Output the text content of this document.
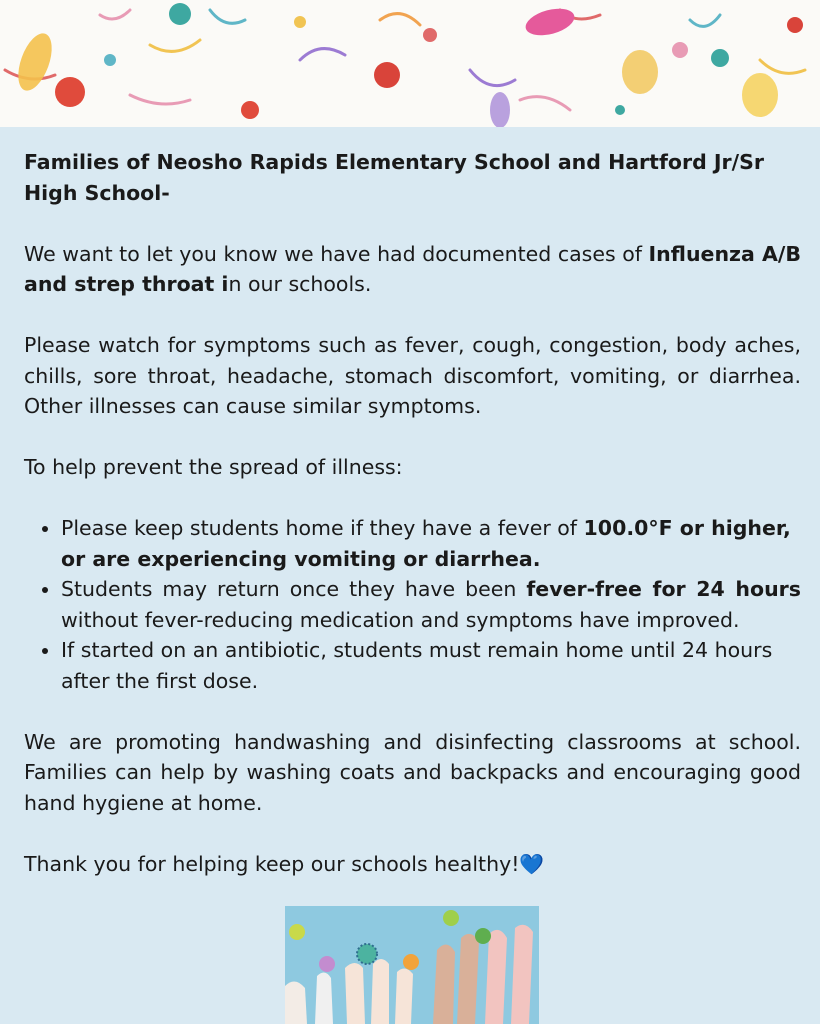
Families of Neosho Rapids Elementary School and Hartford Jr/Sr High School-

We want to let you know we have had documented cases of Influenza A/B and strep throat in our schools.

Please watch for symptoms such as fever, cough, congestion, body aches, chills, sore throat, headache, stomach discomfort, vomiting, or diarrhea. Other illnesses can cause similar symptoms.

To help prevent the spread of illness:

• Please keep students home if they have a fever of 100.0°F or higher, or are experiencing vomiting or diarrhea.
• Students may return once they have been fever-free for 24 hours without fever-reducing medication and symptoms have improved.
• If started on an antibiotic, students must remain home until 24 hours after the first dose.

We are promoting handwashing and disinfecting classrooms at school. Families can help by washing coats and backpacks and encouraging good hand hygiene at home.

Thank you for helping keep our schools healthy!💙
